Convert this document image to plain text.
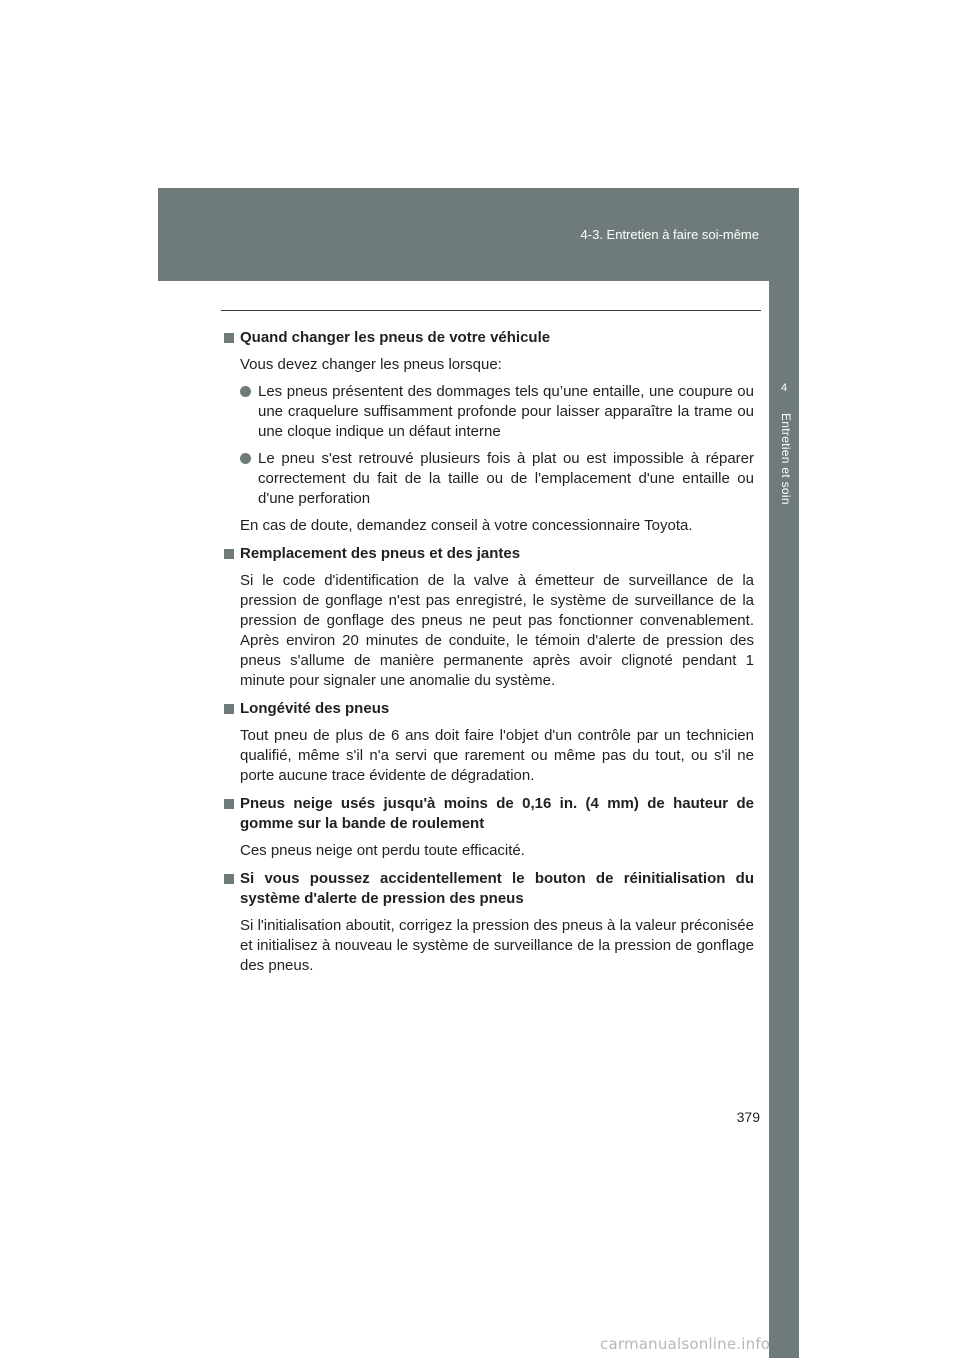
4-3. Entretien à faire soi-même
4
Entretien et soin
Quand changer les pneus de votre véhicule
Vous devez changer les pneus lorsque:
Les pneus présentent des dommages tels qu’une entaille, une coupure ou une craquelure suffisamment profonde pour laisser apparaître la trame ou une cloque indique un défaut interne
Le pneu s'est retrouvé plusieurs fois à plat ou est impossible à réparer correctement du fait de la taille ou de l'emplacement d'une entaille ou d'une perforation
En cas de doute, demandez conseil à votre concessionnaire Toyota.
Remplacement des pneus et des jantes
Si le code d'identification de la valve à émetteur de surveillance de la pression de gonflage n'est pas enregistré, le système de surveillance de la pression de gonflage des pneus ne peut pas fonctionner convenablement. Après environ 20 minutes de conduite, le témoin d'alerte de pression des pneus s'allume de manière permanente après avoir clignoté pendant 1 minute pour signaler une anomalie du système.
Longévité des pneus
Tout pneu de plus de 6 ans doit faire l'objet d'un contrôle par un technicien qualifié, même s'il n'a servi que rarement ou même pas du tout, ou s'il ne porte aucune trace évidente de dégradation.
Pneus neige usés jusqu'à moins de 0,16 in. (4 mm) de hauteur de gomme sur la bande de roulement
Ces pneus neige ont perdu toute efficacité.
Si vous poussez accidentellement le bouton de réinitialisation du système d'alerte de pression des pneus
Si l'initialisation aboutit, corrigez la pression des pneus à la valeur préconisée et initialisez à nouveau le système de surveillance de la pression de gonflage des pneus.
379
carmanualsonline.info
